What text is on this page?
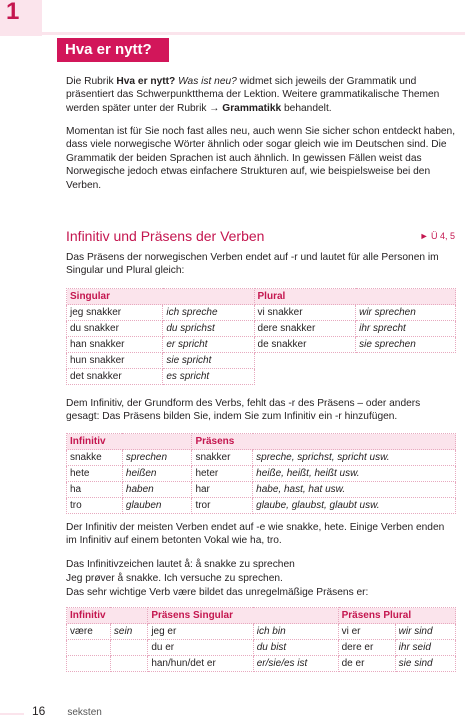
1
Hva er nytt?

Die Rubrik Hva er nytt? Was ist neu? widmet sich jeweils der Grammatik und präsentiert das Schwerpunktthema der Lektion. Weitere grammatikalische Themen werden später unter der Rubrik → Grammatikk behandelt.

Momentan ist für Sie noch fast alles neu, auch wenn Sie sicher schon entdeckt haben, dass viele norwegische Wörter ähnlich oder sogar gleich wie im Deutschen sind. Die Grammatik der beiden Sprachen ist auch ähnlich. In gewissen Fällen weist das Norwegische jedoch etwas einfachere Strukturen auf, wie beispielsweise bei den Verben.

Infinitiv und Präsens der Verben	► Ü 4, 5

Das Präsens der norwegischen Verben endet auf -r und lautet für alle Personen im Singular und Plural gleich:

Singular		Plural	
jeg snakker	ich spreche	vi snakker	wir sprechen
du snakker	du sprichst	dere snakker	ihr sprecht
han snakker	er spricht	de snakker	sie sprechen
hun snakker	sie spricht		
det snakker	es spricht		

Dem Infinitiv, der Grundform des Verbs, fehlt das -r des Präsens – oder anders gesagt: Das Präsens bilden Sie, indem Sie zum Infinitiv ein -r hinzufügen.

Infinitiv		Präsens	
snakke	sprechen	snakker	spreche, sprichst, spricht usw.
hete	heißen	heter	heiße, heißt, heißt usw.
ha	haben	har	habe, hast, hat usw.
tro	glauben	tror	glaube, glaubst, glaubt usw.

Der Infinitiv der meisten Verben endet auf -e wie snakke, hete. Einige Verben enden im Infinitiv auf einem betonten Vokal wie ha, tro.

Das Infinitivzeichen lautet å: å snakke zu sprechen

Jeg prøver å snakke. Ich versuche zu sprechen.

Das sehr wichtige Verb være bildet das unregelmäßige Präsens er:

Infinitiv		Präsens Singular		Präsens Plural	
være	sein	jeg er	ich bin	vi er	wir sind
		du er	du bist	dere er	ihr seid
		han/hun/det er	er/sie/es ist	de er	sie sind
16 seksten
